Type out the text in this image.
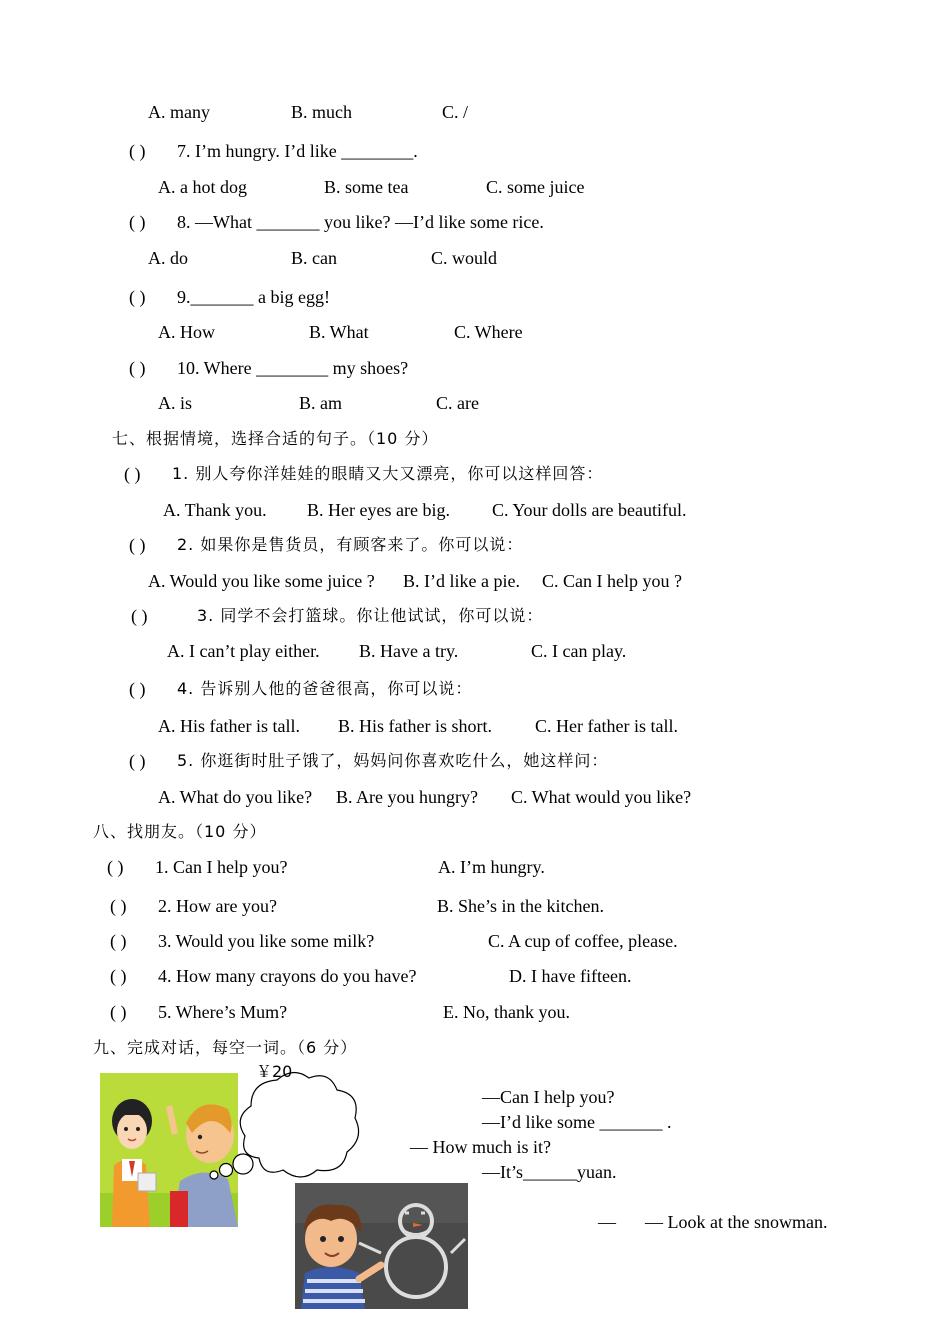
A. many	B. much	C. /
( ) 7. I’m hungry. I’d like ________.
A. a hot dog	B. some tea	C. some juice
( ) 8. —What _______ you like? —I’d like some rice.
A. do	B. can	C. would
( ) 9._______ a big egg!
A. How	B. What	C. Where
( ) 10. Where ________ my shoes?
A. is	B. am	C. are
七、根据情境，选择合适的句子。（10 分）
( ) 1. 别人夸你洋娃娃的眼睛又大又漂亮，你可以这样回答：
A. Thank you. B. Her eyes are big. C. Your dolls are beautiful.
( ) 2. 如果你是售货员，有顾客来了。你可以说：
A. Would you like some juice ? B. I’d like a pie. C. Can I help you ?
( )	3. 同学不会打篮球。你让他试试，你可以说：
A. I can’t play either. B. Have a try.	C. I can play.
( ) 4. 告诉别人他的爸爸很高，你可以说：
A. His father is tall. B. His father is short. C. Her father is tall.
( ) 5. 你逛街时肚子饿了，妈妈问你喜欢吃什么，她这样问：
A. What do you like? B. Are you hungry? C. What would you like?
八、找朋友。（10 分）
( ) 1. Can I help you?	A. I’m hungry.
( ) 2. How are you?	B. She’s in the kitchen.
( ) 3. Would you like some milk?	C. A cup of coffee, please.
( ) 4. How many crayons do you have?	D. I have fifteen.
( ) 5. Where’s Mum?	E. No, thank you.
九、完成对话，每空一词。（6 分）
￥20
—Can I help you?
—I’d like some _______ .
— How much is it?
—It’s______yuan.
— — Look at the snowman.
